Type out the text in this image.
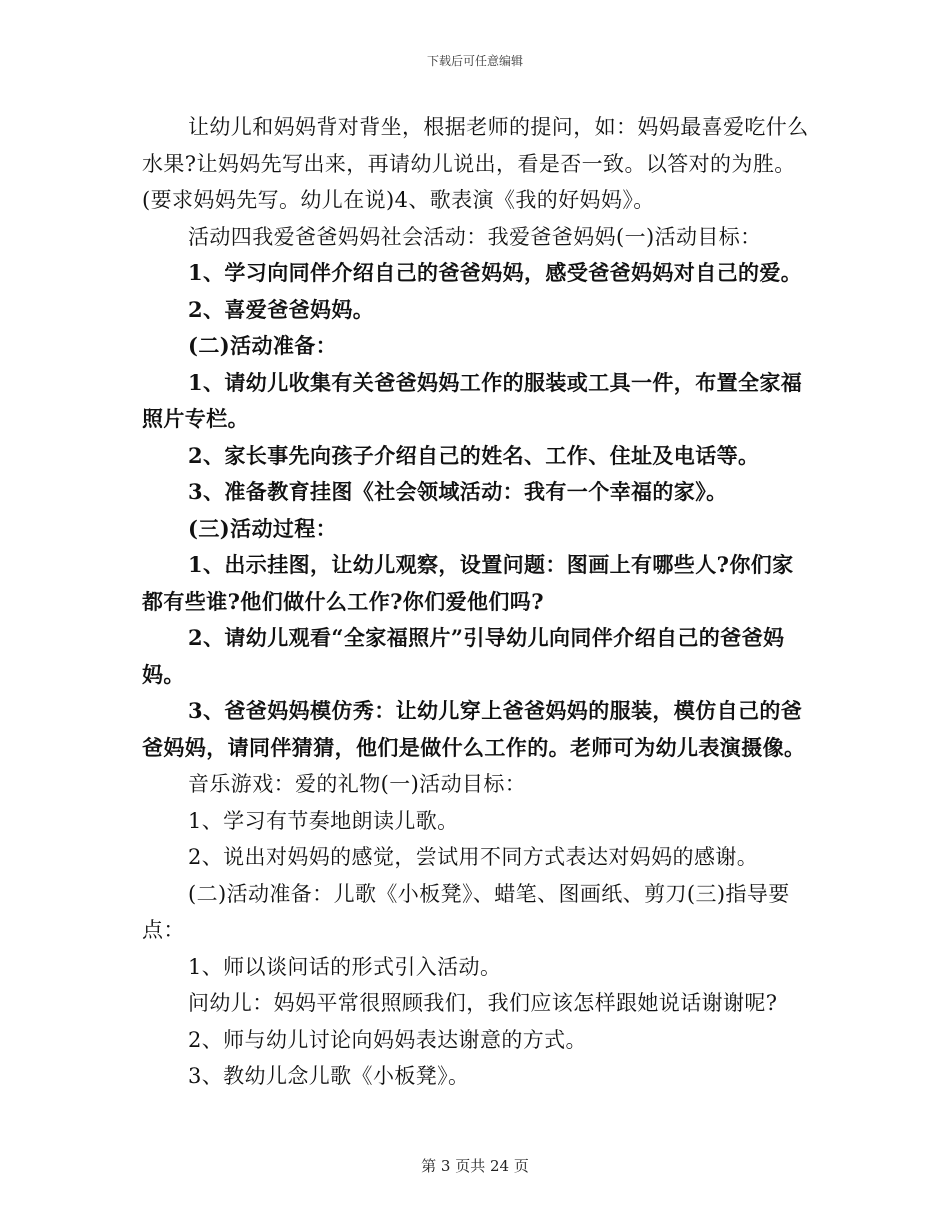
下载后可任意编辑

让幼儿和妈妈背对背坐，根据老师的提问，如：妈妈最喜爱吃什么水果?让妈妈先写出来，再请幼儿说出，看是否一致。以答对的为胜。(要求妈妈先写。幼儿在说)4、歌表演《我的好妈妈》。

活动四我爱爸爸妈妈社会活动：我爱爸爸妈妈(一)活动目标：

1、学习向同伴介绍自己的爸爸妈妈，感受爸爸妈妈对自己的爱。

2、喜爱爸爸妈妈。

(二)活动准备：

1、请幼儿收集有关爸爸妈妈工作的服装或工具一件，布置全家福照片专栏。

2、家长事先向孩子介绍自己的姓名、工作、住址及电话等。

3、准备教育挂图《社会领域活动：我有一个幸福的家》。

(三)活动过程：

1、出示挂图，让幼儿观察，设置问题：图画上有哪些人?你们家都有些谁?他们做什么工作?你们爱他们吗?

2、请幼儿观看“全家福照片”引导幼儿向同伴介绍自己的爸爸妈妈。

3、爸爸妈妈模仿秀：让幼儿穿上爸爸妈妈的服装，模仿自己的爸爸妈妈，请同伴猜猜，他们是做什么工作的。老师可为幼儿表演摄像。

音乐游戏：爱的礼物(一)活动目标：

1、学习有节奏地朗读儿歌。

2、说出对妈妈的感觉，尝试用不同方式表达对妈妈的感谢。

(二)活动准备：儿歌《小板凳》、蜡笔、图画纸、剪刀(三)指导要点：

1、师以谈问话的形式引入活动。

问幼儿：妈妈平常很照顾我们，我们应该怎样跟她说话谢谢呢?

2、师与幼儿讨论向妈妈表达谢意的方式。

3、教幼儿念儿歌《小板凳》。

第 3 页共 24 页
